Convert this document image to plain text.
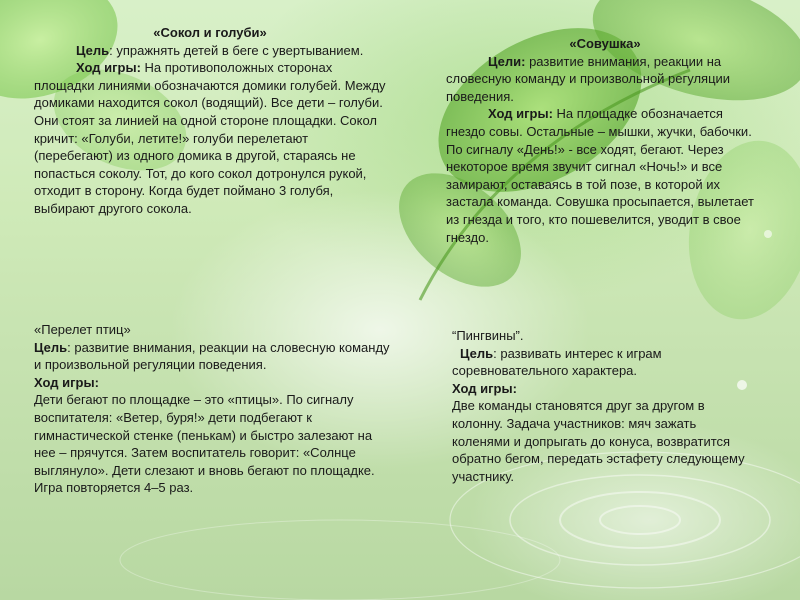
«Сокол и голуби»

Цель: упражнять детей в беге с увертыванием.

Ход игры: На противоположных сторонах площадки линиями обозначаются домики голубей. Между домиками находится сокол (водящий). Все дети – голуби. Они стоят за линией на одной стороне площадки. Сокол кричит: «Голуби, летите!» голуби перелетают (перебегают) из одного домика в другой, стараясь не попасться соколу. Тот, до кого сокол дотронулся рукой, отходит в сторону. Когда будет поймано 3 голубя, выбирают другого сокола.

«Совушка»

Цели: развитие внимания, реакции на словесную команду и произвольной регуляции поведения.

Ход игры: На площадке обозначается гнездо совы. Остальные – мышки, жучки, бабочки. По сигналу «День!» - все ходят, бегают. Через некоторое время звучит сигнал «Ночь!» и все замирают, оставаясь в той позе, в которой их застала команда. Совушка просыпается, вылетает из гнезда и того, кто пошевелится, уводит в свое гнездо.

«Перелет птиц»

Цель: развитие внимания, реакции на словесную команду и произвольной регуляции поведения.

Ход игры:

Дети бегают по площадке – это «птицы». По сигналу воспитателя: «Ветер, буря!» дети подбегают к гимнастической стенке (пенькам) и быстро залезают на нее – прячутся. Затем воспитатель говорит: «Солнце выглянуло». Дети слезают и вновь бегают по площадке. Игра повторяется 4–5 раз.

“Пингвины”.

Цель: развивать интерес к играм соревновательного характера.

Ход игры:

Две команды становятся друг за другом в колонну. Задача участников: мяч зажать коленями и допрыгать до конуса, возвратится обратно бегом, передать эстафету следующему участнику.
